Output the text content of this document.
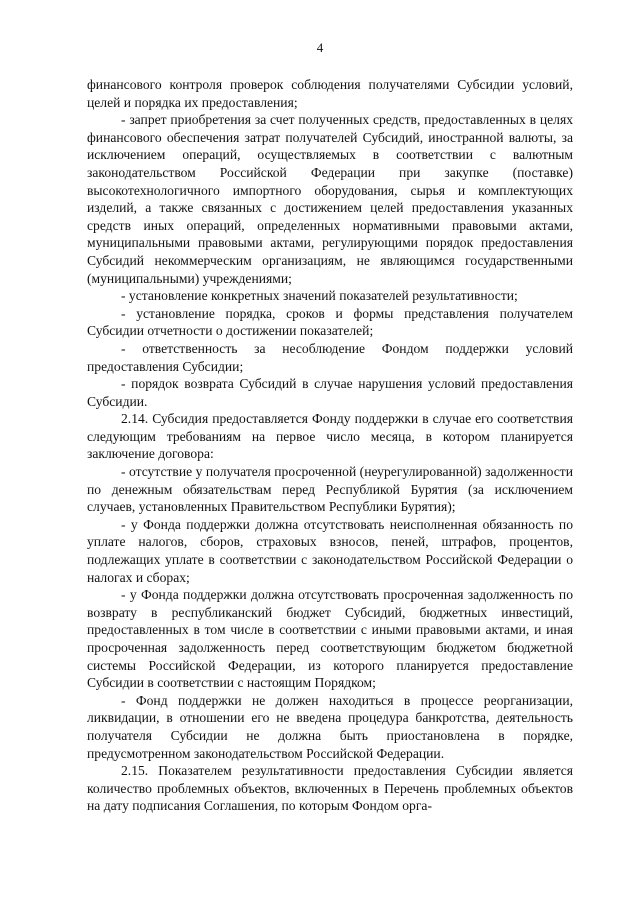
4

финансового контроля проверок соблюдения получателями Субсидии условий, целей и порядка их предоставления;

- запрет приобретения за счет полученных средств, предоставленных в целях финансового обеспечения затрат получателей Субсидий, иностранной валюты, за исключением операций, осуществляемых в соответствии с валютным законодательством Российской Федерации при закупке (поставке) высокотехнологичного импортного оборудования, сырья и комплектующих изделий, а также связанных с достижением целей предоставления указанных средств иных операций, определенных нормативными правовыми актами, муниципальными правовыми актами, регулирующими порядок предоставления Субсидий некоммерческим организациям, не являющимся государственными (муниципальными) учреждениями;

- установление конкретных значений показателей результативности;

- установление порядка, сроков и формы представления получателем Субсидии отчетности о достижении показателей;

- ответственность за несоблюдение Фондом поддержки условий предоставления Субсидии;

- порядок возврата Субсидий в случае нарушения условий предоставления Субсидии.

2.14. Субсидия предоставляется Фонду поддержки в случае его соответствия следующим требованиям на первое число месяца, в котором планируется заключение договора:

- отсутствие у получателя просроченной (неурегулированной) задолженности по денежным обязательствам перед Республикой Бурятия (за исключением случаев, установленных Правительством Республики Бурятия);

- у Фонда поддержки должна отсутствовать неисполненная обязанность по уплате налогов, сборов, страховых взносов, пеней, штрафов, процентов, подлежащих уплате в соответствии с законодательством Российской Федерации о налогах и сборах;

- у Фонда поддержки должна отсутствовать просроченная задолженность по возврату в республиканский бюджет Субсидий, бюджетных инвестиций, предоставленных в том числе в соответствии с иными правовыми актами, и иная просроченная задолженность перед соответствующим бюджетом бюджетной системы Российской Федерации, из которого планируется предоставление Субсидии в соответствии с настоящим Порядком;

- Фонд поддержки не должен находиться в процессе реорганизации, ликвидации, в отношении его не введена процедура банкротства, деятельность получателя Субсидии не должна быть приостановлена в порядке, предусмотренном законодательством Российской Федерации.

2.15. Показателем результативности предоставления Субсидии является количество проблемных объектов, включенных в Перечень проблемных объектов на дату подписания Соглашения, по которым Фондом орга-
